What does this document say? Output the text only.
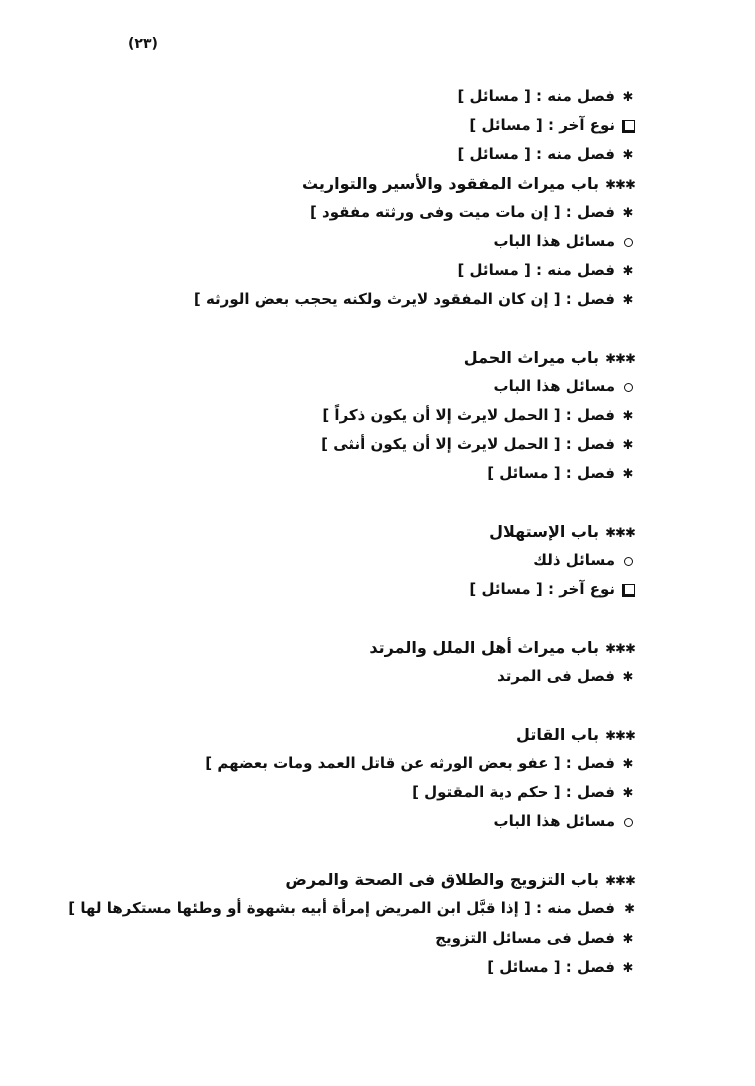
(٢٣)
✱فصل منه : [ مسائل ]
نوع آخر : [ مسائل ]
✱فصل منه : [ مسائل ]
✱✱✱باب ميراث المفقود والأسير والتواريث
✱فصل : [ إن مات ميت وفى ورثته مفقود ]
مسائل هذا الباب
✱فصل منه : [ مسائل ]
✱فصل : [ إن كان المفقود لايرث ولكنه يحجب بعض الورثه ]
✱✱✱باب ميراث الحمل
مسائل هذا الباب
✱فصل : [ الحمل لايرث إلا أن يكون ذكراً ]
✱فصل : [ الحمل لايرث إلا أن يكون أنثى ]
✱فصل : [ مسائل ]
✱✱✱باب الإستهلال
مسائل ذلك
نوع آخر : [ مسائل ]
✱✱✱باب ميراث أهل الملل والمرتد
✱فصل فى المرتد
✱✱✱باب القاتل
✱فصل : [ عفو بعض الورثه عن قاتل العمد ومات بعضهم ]
✱فصل : [ حكم دية المقتول ]
مسائل هذا الباب
✱✱✱باب التزويج والطلاق فى الصحة والمرض
✱فصل منه : [ إذا قبَّل ابن المريض إمرأة أبيه بشهوة أو وطئها مستكرها لها ]
✱فصل فى مسائل التزويج
✱فصل : [ مسائل ]
